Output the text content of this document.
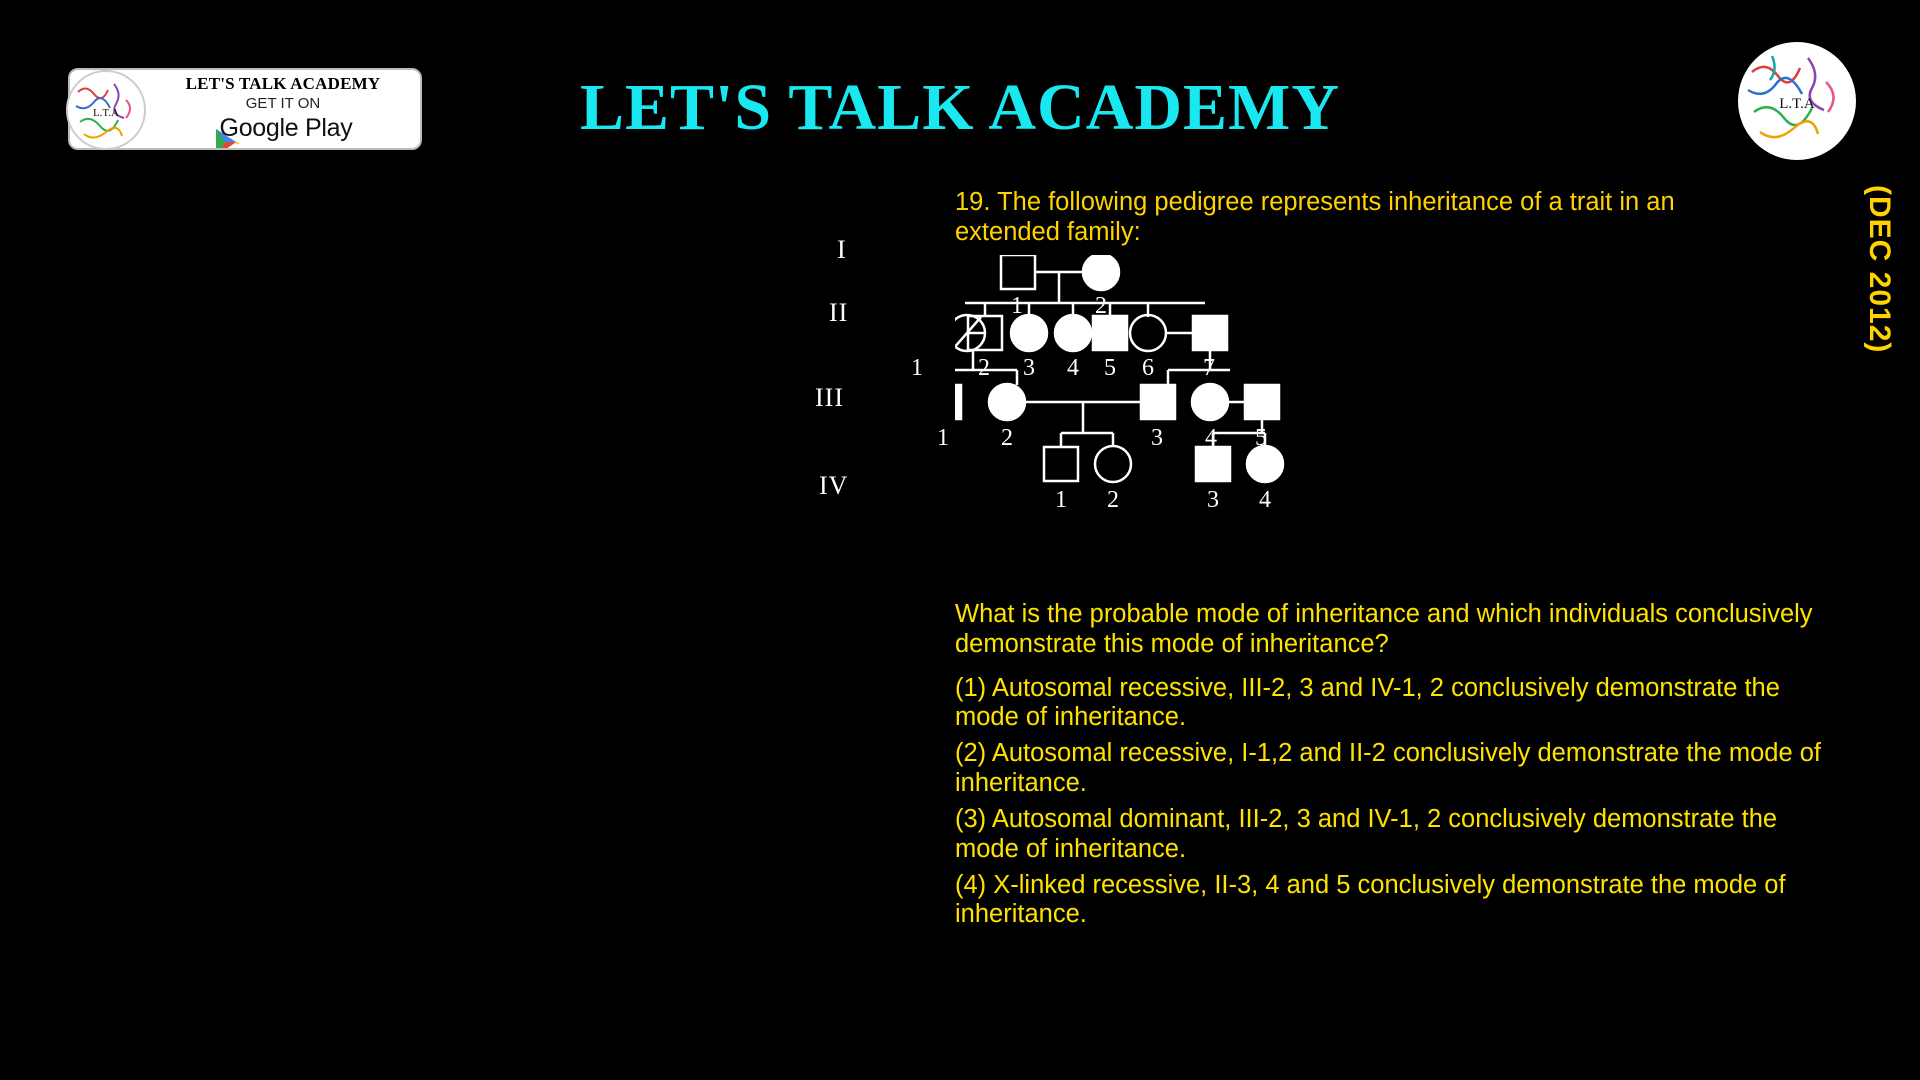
LET'S TALK ACADEMY
GET IT ON
Google Play
L.T.A	LET'S TALK ACADEMY	L.T.A
(DEC 2012)
19. The following pedigree represents inheritance of a trait in an extended family:
I
II
III
IV
1	2
1 2 3 4 5 6 7
1 2	3 4 5
1 2	3 4

What is the probable mode of inheritance and which individuals conclusively demonstrate this mode of inheritance?

(1) Autosomal recessive, III-2, 3 and IV-1, 2 conclusively demonstrate the mode of inheritance.

(2) Autosomal recessive, I-1,2 and II-2 conclusively demonstrate the mode of inheritance.

(3) Autosomal dominant, III-2, 3 and IV-1, 2 conclusively demonstrate the mode of inheritance.

(4) X-linked recessive, II-3, 4 and 5 conclusively demonstrate the mode of inheritance.
